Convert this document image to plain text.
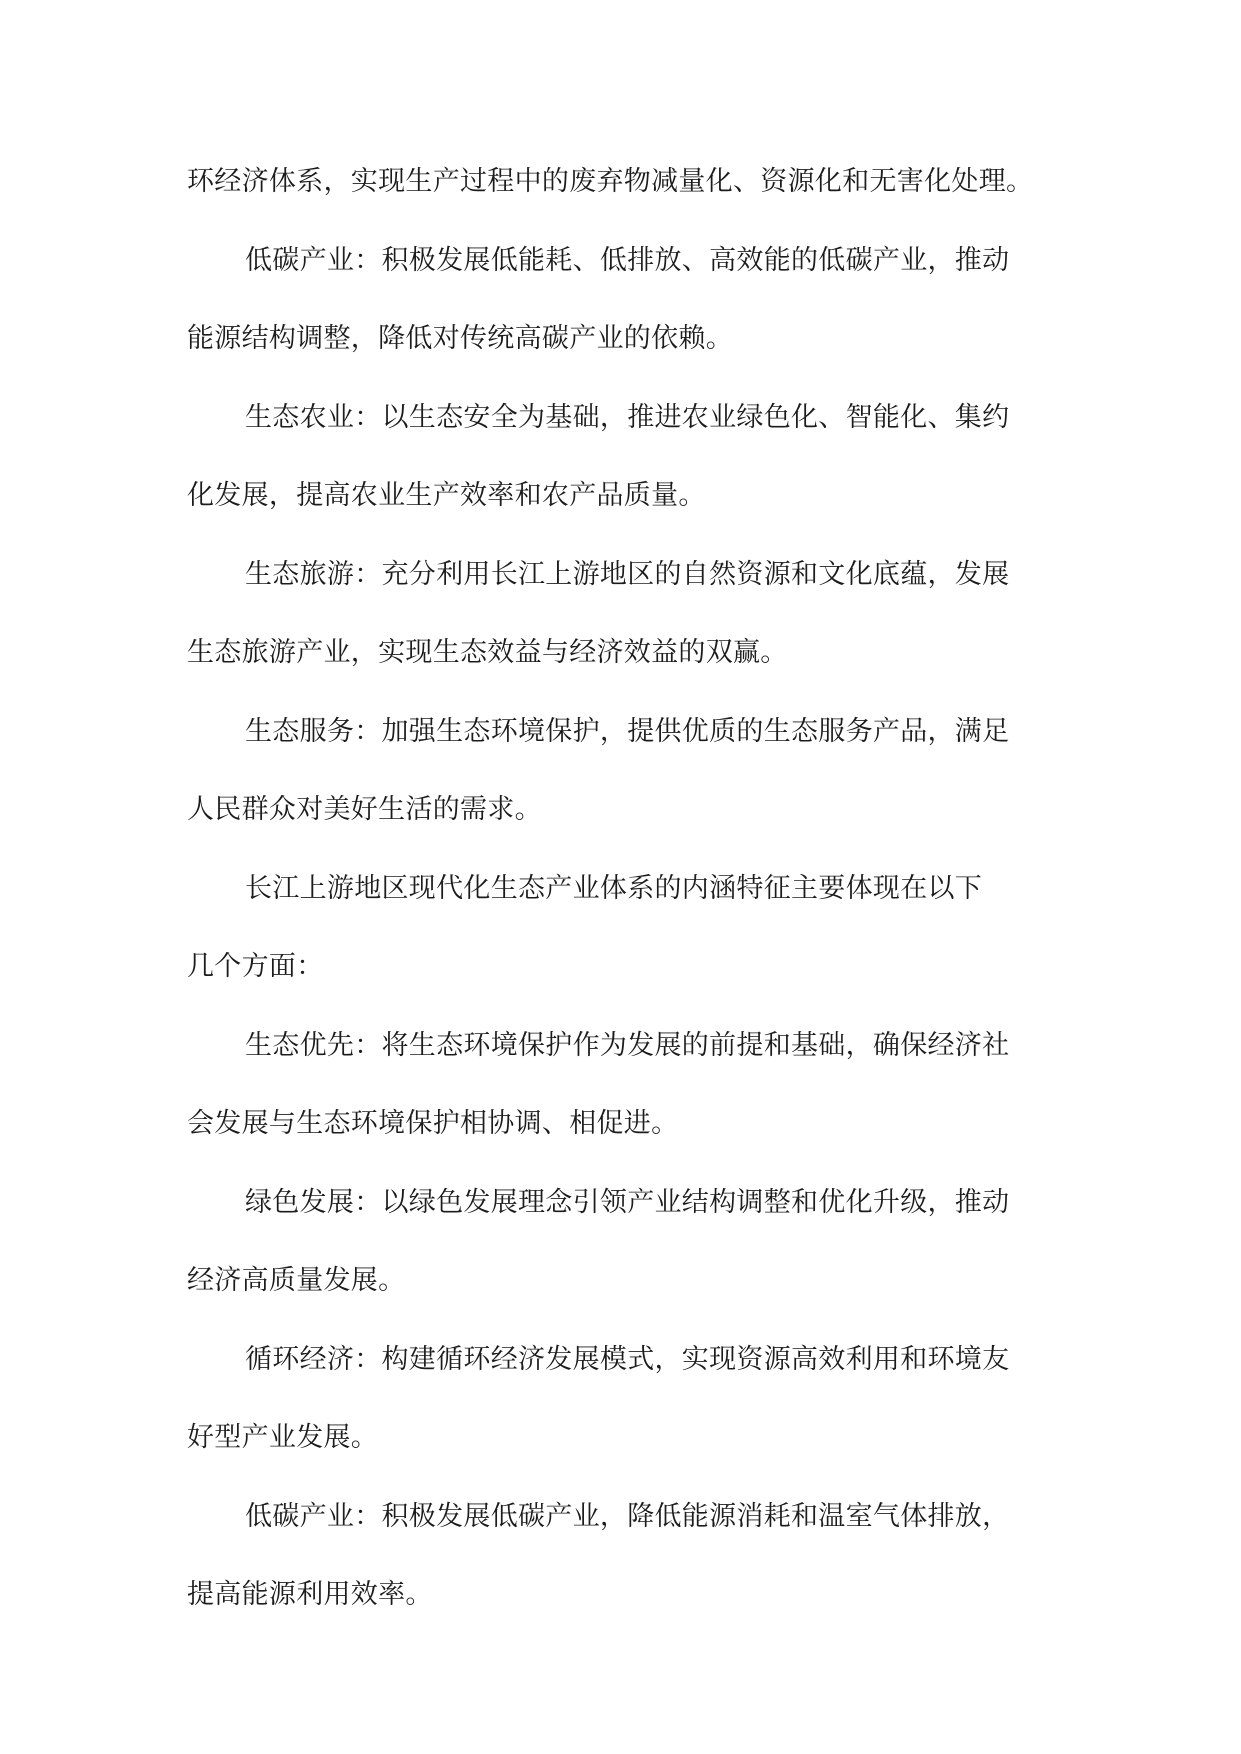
环经济体系，实现生产过程中的废弃物减量化、资源化和无害化处理。
低碳产业：积极发展低能耗、低排放、高效能的低碳产业，推动
能源结构调整，降低对传统高碳产业的依赖。
生态农业：以生态安全为基础，推进农业绿色化、智能化、集约
化发展，提高农业生产效率和农产品质量。
生态旅游：充分利用长江上游地区的自然资源和文化底蕴，发展
生态旅游产业，实现生态效益与经济效益的双赢。
生态服务：加强生态环境保护，提供优质的生态服务产品，满足
人民群众对美好生活的需求。
长江上游地区现代化生态产业体系的内涵特征主要体现在以下
几个方面：
生态优先：将生态环境保护作为发展的前提和基础，确保经济社
会发展与生态环境保护相协调、相促进。
绿色发展：以绿色发展理念引领产业结构调整和优化升级，推动
经济高质量发展。
循环经济：构建循环经济发展模式，实现资源高效利用和环境友
好型产业发展。
低碳产业：积极发展低碳产业，降低能源消耗和温室气体排放，
提高能源利用效率。
